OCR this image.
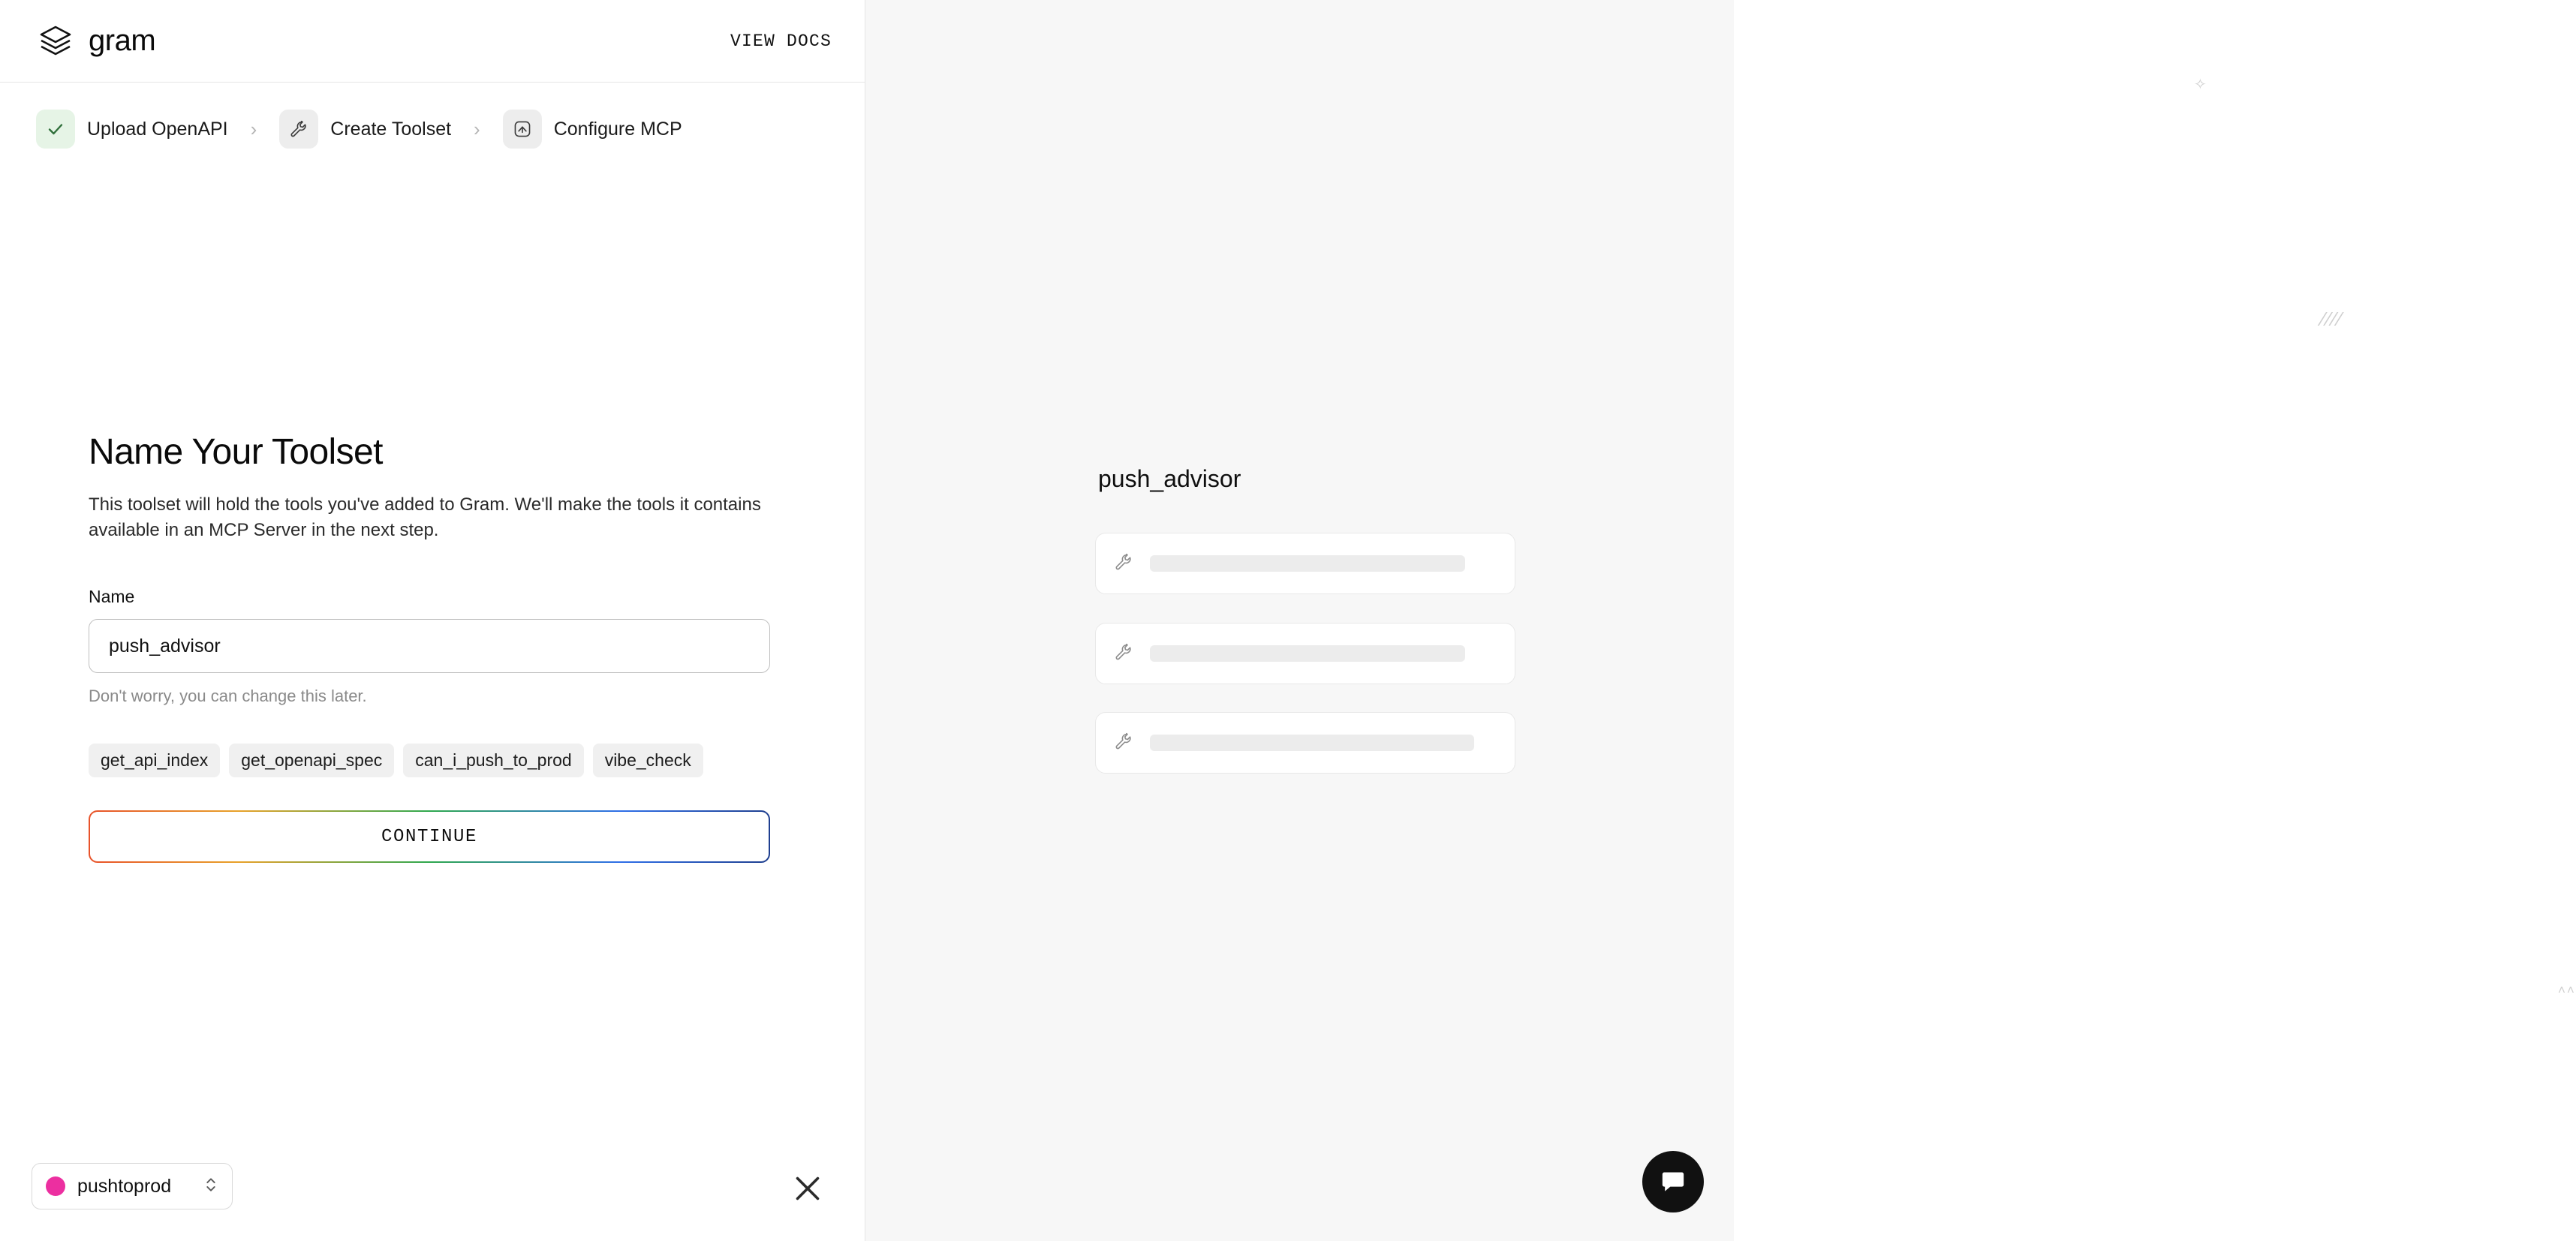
gram	VIEW DOCS
Upload OpenAPI ›	Create Toolset ›	Configure MCP
Name Your Toolset

This toolset will hold the tools you've added to Gram. We'll make the tools it contains available in an MCP Server in the next step.

Name
push_advisor
Don't worry, you can change this later.
get_api_index	get_openapi_spec	can_i_push_to_prod	vibe_check
CONTINUE
pushtoprod
✧
⁄⁄⁄⁄
˄˄
push_advisor
